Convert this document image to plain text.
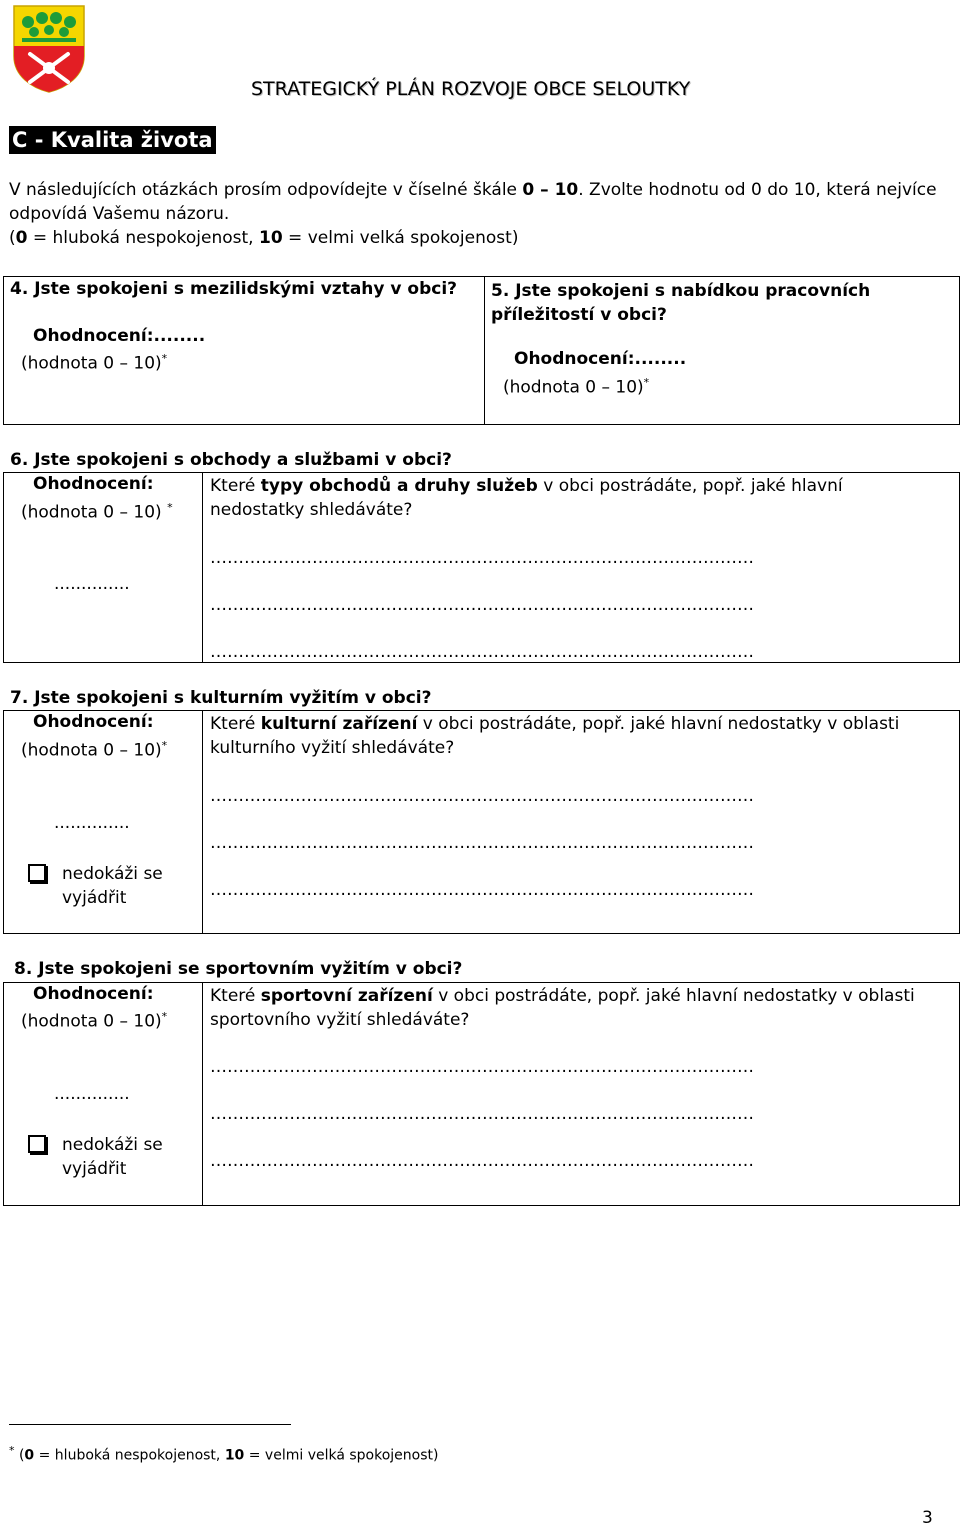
STRATEGICKÝ PLÁN ROZVOJE OBCE SELOUTKY
C - Kvalita života
V následujících otázkách prosím odpovídejte v číselné škále 0 – 10. Zvolte hodnotu od 0 do 10, která nejvíce odpovídá Vašemu názoru.
(0 = hluboká nespokojenost, 10 = velmi velká spokojenost)
4. Jste spokojeni s mezilidskými vztahy v obci?
Ohodnocení:........
(hodnota 0 – 10)*
5. Jste spokojeni s nabídkou pracovních
příležitostí v obci?
Ohodnocení:........
(hodnota 0 – 10)*
6. Jste spokojeni s obchody a službami v obci?
Ohodnocení:
(hodnota 0 – 10) *
..............
Které typy obchodů a druhy služeb v obci postrádáte, popř. jaké hlavní
nedostatky shledáváte?
……………………………………………………………………………………
……………………………………………………………………………………
……………………………………………………………………………………
7. Jste spokojeni s kulturním vyžitím v obci?
Ohodnocení:
(hodnota 0 – 10)*
..............
nedokáži se
vyjádřit
Které kulturní zařízení v obci postrádáte, popř. jaké hlavní nedostatky v oblasti
kulturního vyžití shledáváte?
……………………………………………………………………………………
……………………………………………………………………………………
……………………………………………………………………………………
8. Jste spokojeni se sportovním vyžitím v obci?
Ohodnocení:
(hodnota 0 – 10)*
..............
nedokáži se
vyjádřit
Které sportovní zařízení v obci postrádáte, popř. jaké hlavní nedostatky v oblasti
sportovního vyžití shledáváte?
……………………………………………………………………………………
……………………………………………………………………………………
……………………………………………………………………………………
* (0 = hluboká nespokojenost, 10 = velmi velká spokojenost)
3
